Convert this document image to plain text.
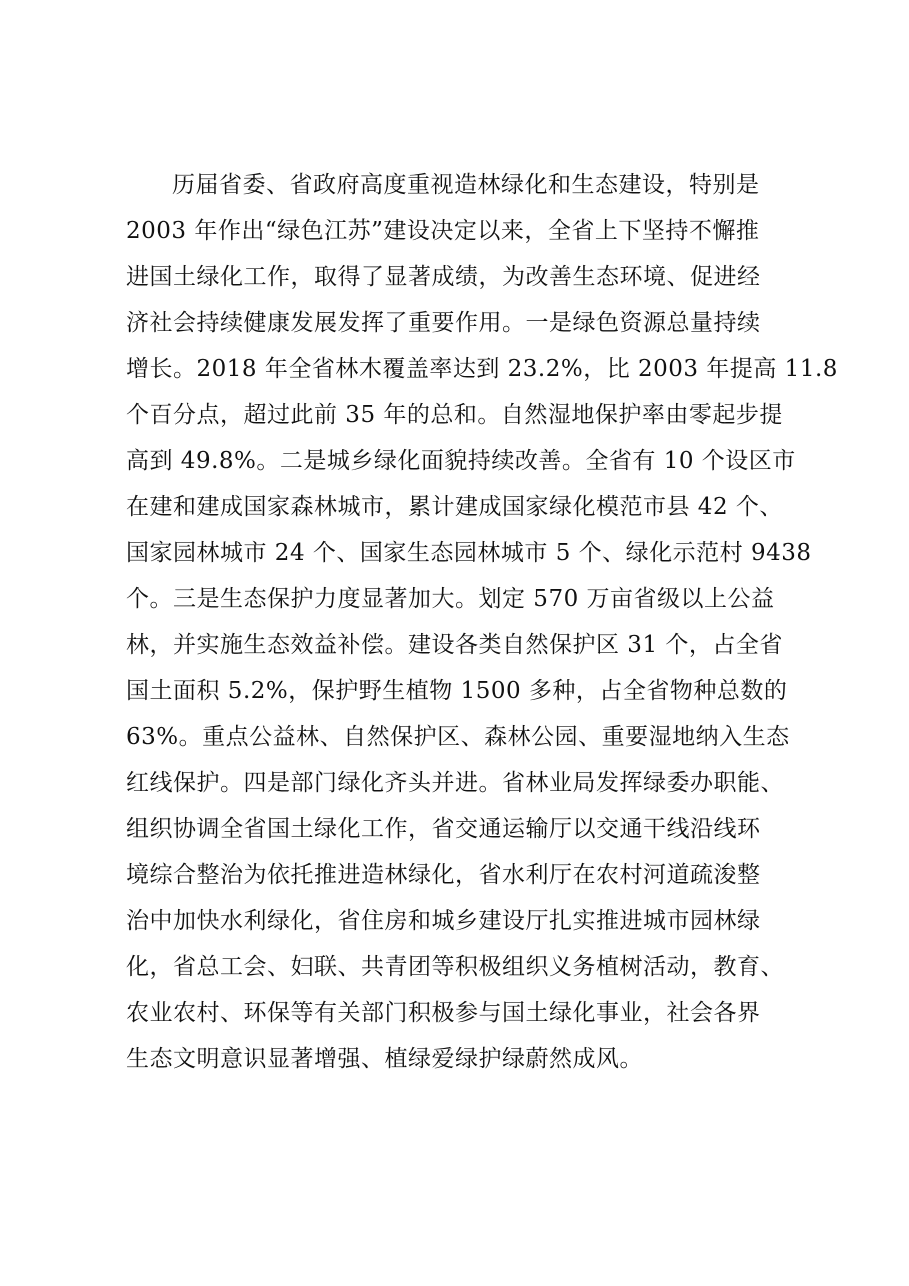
历届省委、省政府高度重视造林绿化和生态建设，特别是
2003 年作出“绿色江苏”建设决定以来，全省上下坚持不懈推
进国土绿化工作，取得了显著成绩，为改善生态环境、促进经
济社会持续健康发展发挥了重要作用。一是绿色资源总量持续
增长。2018 年全省林木覆盖率达到 23.2%，比 2003 年提高 11.8
个百分点，超过此前 35 年的总和。自然湿地保护率由零起步提
高到 49.8%。二是城乡绿化面貌持续改善。全省有 10 个设区市
在建和建成国家森林城市，累计建成国家绿化模范市县 42 个、
国家园林城市 24 个、国家生态园林城市 5 个、绿化示范村 9438
个。三是生态保护力度显著加大。划定 570 万亩省级以上公益
林，并实施生态效益补偿。建设各类自然保护区 31 个，占全省
国土面积 5.2%，保护野生植物 1500 多种，占全省物种总数的
63%。重点公益林、自然保护区、森林公园、重要湿地纳入生态
红线保护。四是部门绿化齐头并进。省林业局发挥绿委办职能、
组织协调全省国土绿化工作，省交通运输厅以交通干线沿线环
境综合整治为依托推进造林绿化，省水利厅在农村河道疏浚整
治中加快水利绿化，省住房和城乡建设厅扎实推进城市园林绿
化，省总工会、妇联、共青团等积极组织义务植树活动，教育、
农业农村、环保等有关部门积极参与国土绿化事业，社会各界
生态文明意识显著增强、植绿爱绿护绿蔚然成风。
